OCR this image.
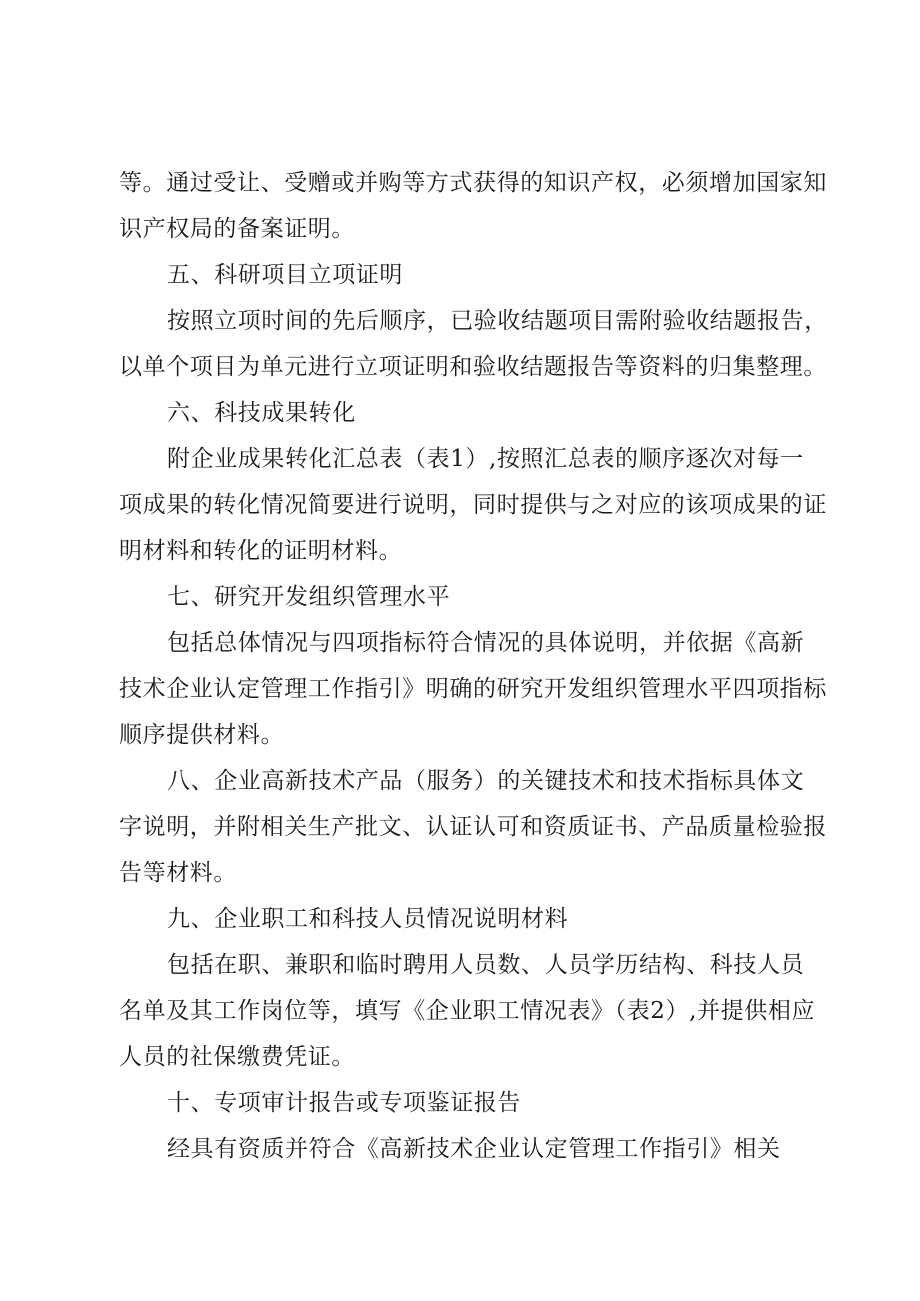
等。通过受让、受赠或并购等方式获得的知识产权，必须增加国家知
识产权局的备案证明。
五、科研项目立项证明
按照立项时间的先后顺序，已验收结题项目需附验收结题报告，
以单个项目为单元进行立项证明和验收结题报告等资料的归集整理。
六、科技成果转化
附企业成果转化汇总表（表1）,按照汇总表的顺序逐次对每一
项成果的转化情况简要进行说明，同时提供与之对应的该项成果的证
明材料和转化的证明材料。
七、研究开发组织管理水平
包括总体情况与四项指标符合情况的具体说明，并依据《高新
技术企业认定管理工作指引》明确的研究开发组织管理水平四项指标
顺序提供材料。
八、企业高新技术产品（服务）的关键技术和技术指标具体文
字说明，并附相关生产批文、认证认可和资质证书、产品质量检验报
告等材料。
九、企业职工和科技人员情况说明材料
包括在职、兼职和临时聘用人员数、人员学历结构、科技人员
名单及其工作岗位等，填写《企业职工情况表》（表2）,并提供相应
人员的社保缴费凭证。
十、专项审计报告或专项鉴证报告
经具有资质并符合《高新技术企业认定管理工作指引》相关
